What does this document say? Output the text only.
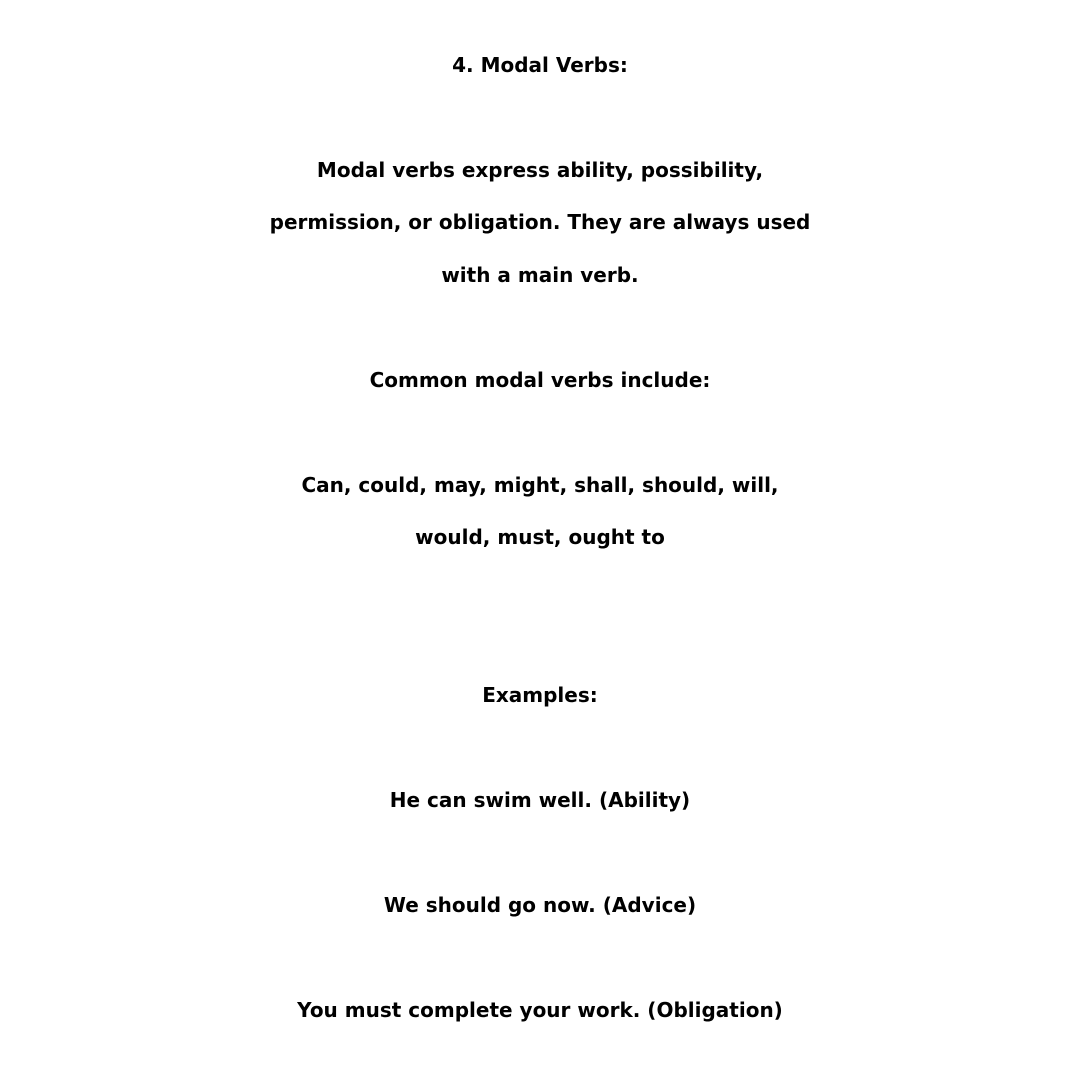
4. Modal Verbs:
Modal verbs express ability, possibility,
permission, or obligation. They are always used
with a main verb.
Common modal verbs include:
Can, could, may, might, shall, should, will,
would, must, ought to
Examples:
He can swim well. (Ability)
We should go now. (Advice)
You must complete your work. (Obligation)
